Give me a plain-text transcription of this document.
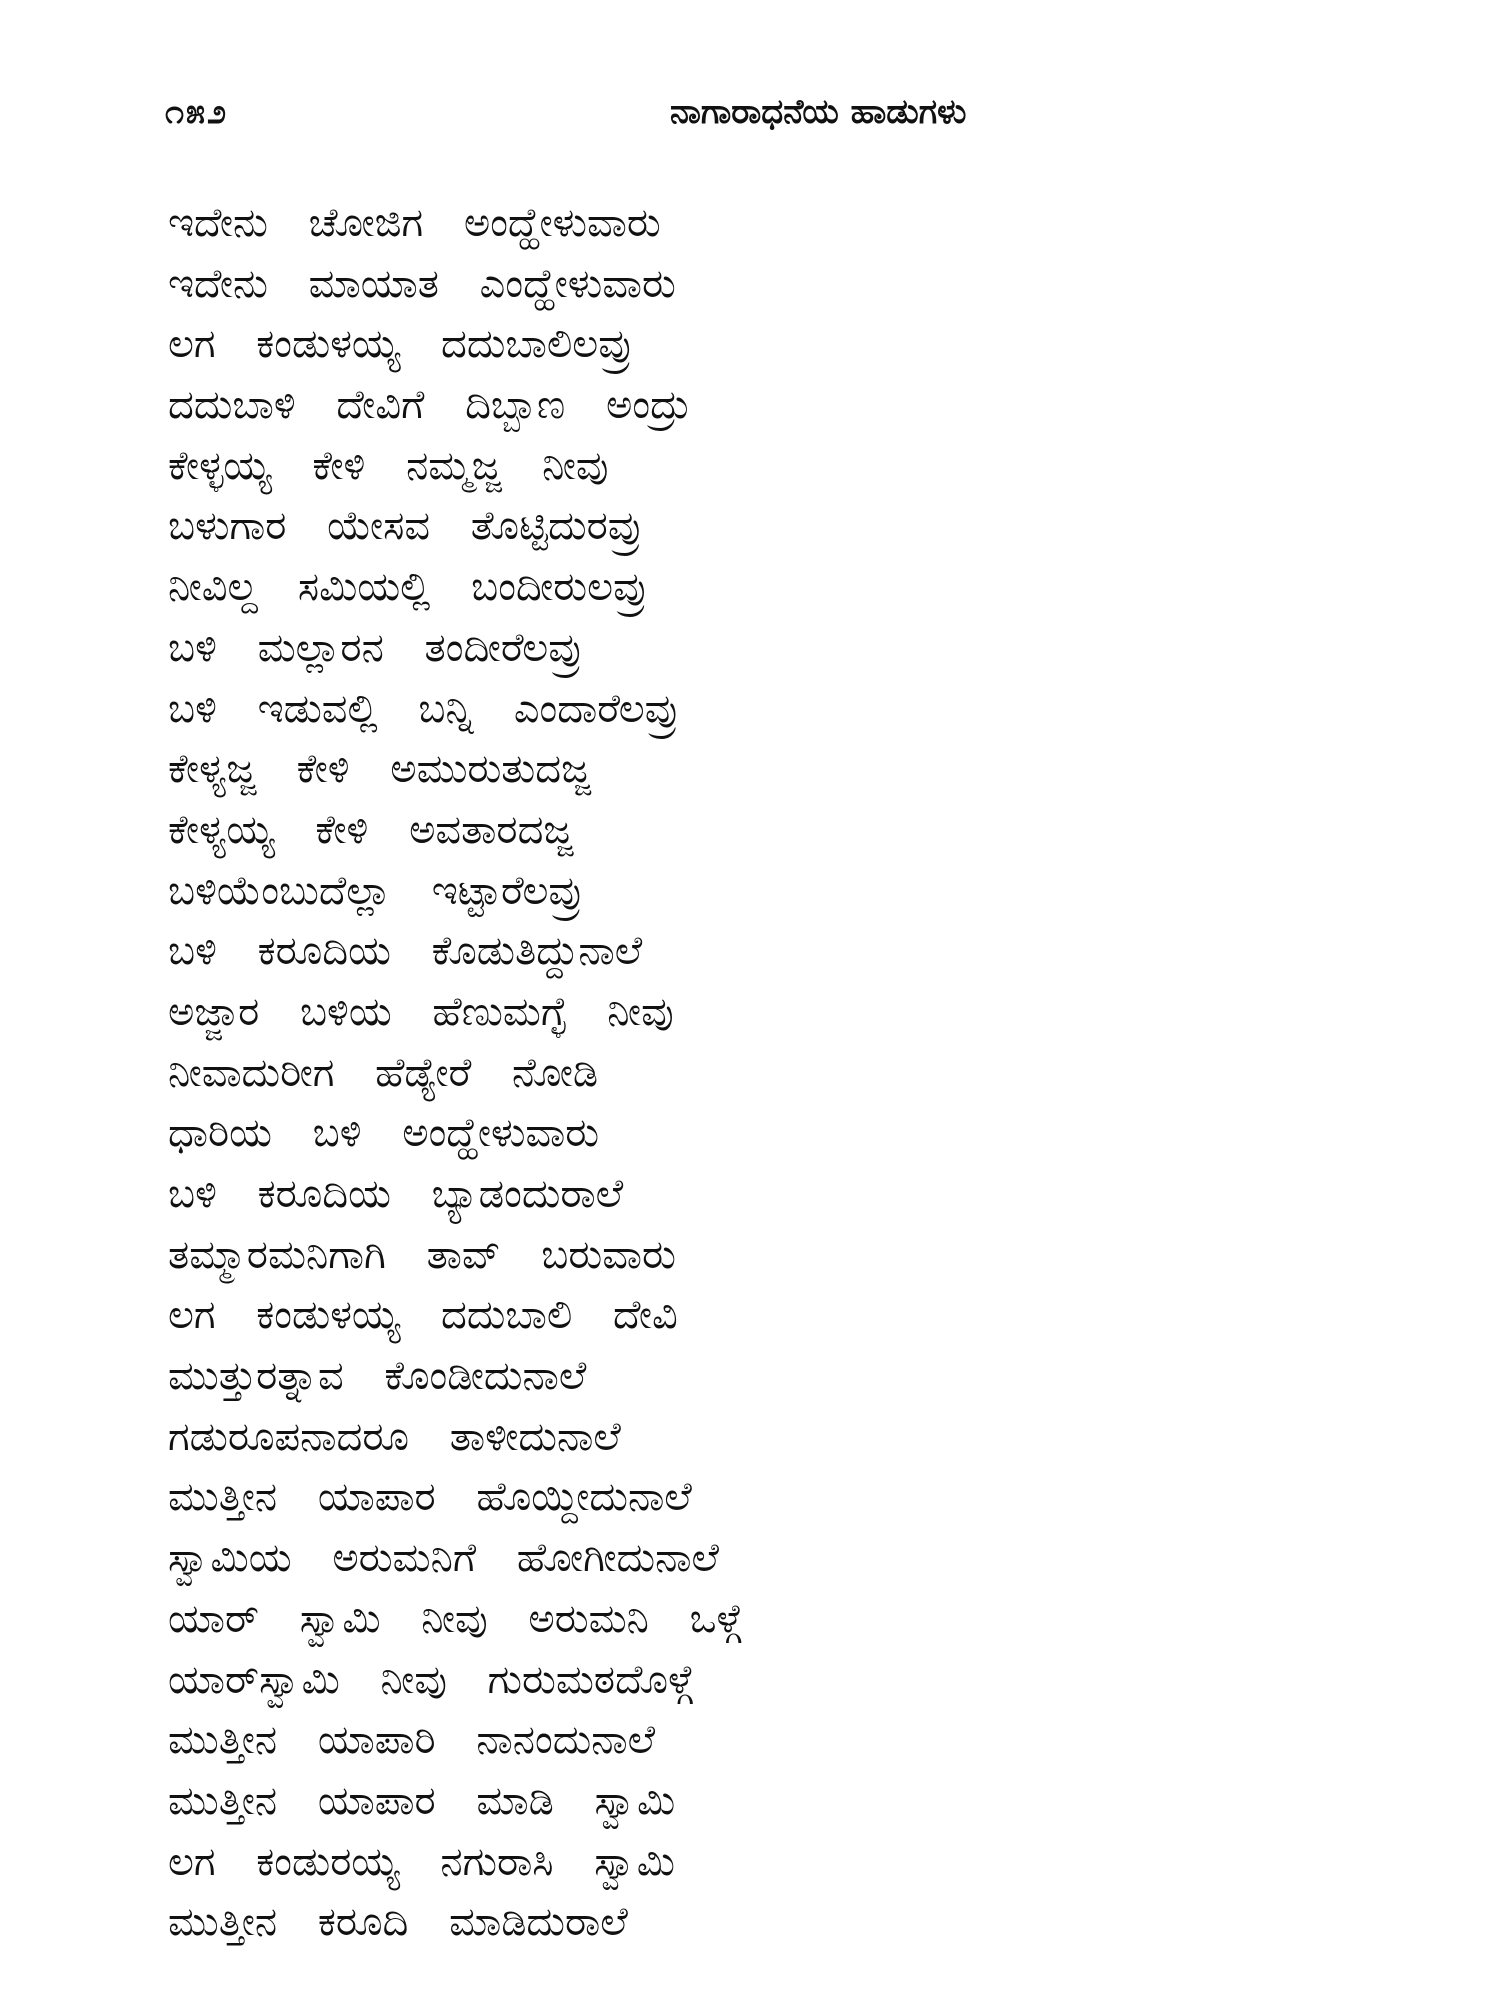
೧೫೨	ನಾಗಾರಾಧನೆಯ ಹಾಡುಗಳು
ಇದೇನು ಚೋಜಿಗ ಅಂದ್ಹೇಳುವಾರು
ಇದೇನು ಮಾಯಾತ ಎಂದ್ಹೇಳುವಾರು
ಲಗ ಕಂಡುಳಯ್ಯ ದದುಬಾಲಿಲವ್ರು
ದದುಬಾಳಿ ದೇವಿಗೆ ದಿಬ್ಬಾಣ ಅಂದ್ರು
ಕೇಳ್ಳಯ್ಯ ಕೇಳಿ ನಮ್ಮಜ್ಜ ನೀವು
ಬಳುಗಾರ ಯೇಸವ ತೊಟ್ಟಿದುರವ್ರು
ನೀವಿಲ್ದ ಸಮಿಯಲ್ಲಿ ಬಂದೀರುಲವ್ರು
ಬಳಿ ಮಲ್ಲಾರನ ತಂದೀರೆಲವ್ರು
ಬಳಿ ಇಡುವಲ್ಲಿ ಬನ್ನಿ ಎಂದಾರೆಲವ್ರು
ಕೇಳ್ಯಜ್ಜ ಕೇಳಿ ಅಮುರುತುದಜ್ಜ
ಕೇಳ್ಯಯ್ಯ ಕೇಳಿ ಅವತಾರದಜ್ಜ
ಬಳಿಯೆಂಬುದೆಲ್ಲಾ ಇಟ್ಟಾರೆಲವ್ರು
ಬಳಿ ಕರೂದಿಯ ಕೊಡುತಿದ್ದುನಾಲೆ
ಅಜ್ಜಾರ ಬಳಿಯ ಹೆಣುಮಗ್ಳೆ ನೀವು
ನೀವಾದುರೀಗ ಹೆಡ್ಯೇರೆ ನೋಡಿ
ಧಾರಿಯ ಬಳಿ ಅಂದ್ಹೇಳುವಾರು
ಬಳಿ ಕರೂದಿಯ ಬ್ಯಾಡಂದುರಾಲೆ
ತಮ್ಮಾರಮನಿಗಾಗಿ ತಾವ್ ಬರುವಾರು
ಲಗ ಕಂಡುಳಯ್ಯ ದದುಬಾಲಿ ದೇವಿ
ಮುತ್ತುರತ್ನಾವ ಕೊಂಡೀದುನಾಲೆ
ಗಡುರೂಪನಾದರೂ ತಾಳೀದುನಾಲೆ
ಮುತ್ತೀನ ಯಾಪಾರ ಹೊಯ್ದೀದುನಾಲೆ
ಸ್ವಾಮಿಯ ಅರುಮನಿಗೆ ಹೋಗೀದುನಾಲೆ
ಯಾರ್ ಸ್ವಾಮಿ ನೀವು ಅರುಮನಿ ಒಳ್ಗೆ
ಯಾರ್‌ಸ್ವಾಮಿ ನೀವು ಗುರುಮಠದೊಳ್ಗೆ
ಮುತ್ತೀನ ಯಾಪಾರಿ ನಾನಂದುನಾಲೆ
ಮುತ್ತೀನ ಯಾಪಾರ ಮಾಡಿ ಸ್ವಾಮಿ
ಲಗ ಕಂಡುರಯ್ಯ ನಗುರಾಸಿ ಸ್ವಾಮಿ
ಮುತ್ತೀನ ಕರೂದಿ ಮಾಡಿದುರಾಲೆ
